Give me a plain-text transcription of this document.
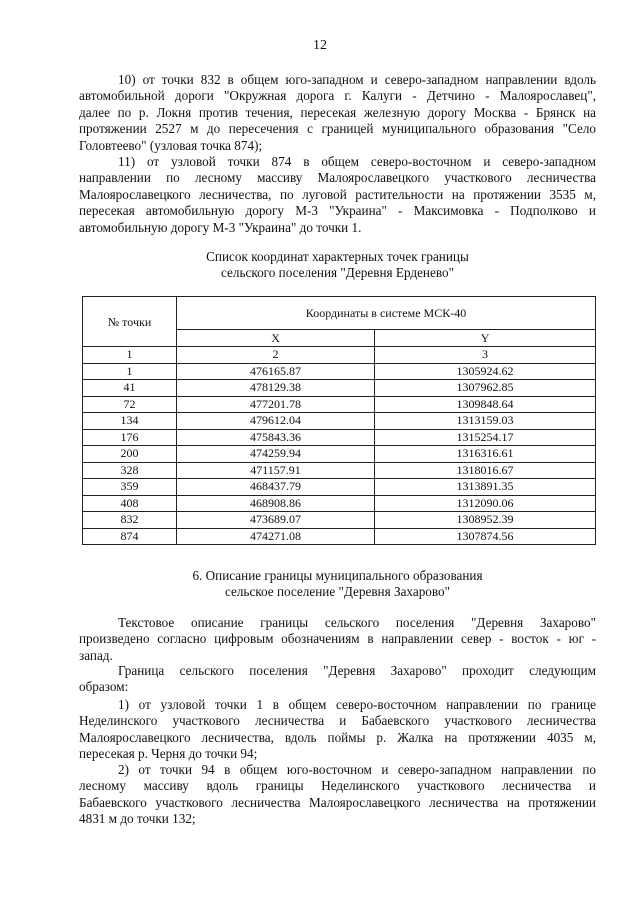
12
10) от точки 832 в общем юго-западном и северо-западном направлении вдоль
автомобильной дороги "Окружная дорога г. Калуги - Детчино - Малоярославец",
далее по р. Локня против течения, пересекая железную дорогу Москва - Брянск на
протяжении 2527 м до пересечения с границей муниципального образования "Село
Головтеево" (узловая точка 874);
11) от узловой точки 874 в общем северо-восточном и северо-западном
направлении по лесному массиву Малоярославецкого участкового лесничества
Малоярославецкого лесничества, по луговой растительности на протяжении 3535 м,
пересекая автомобильную дорогу М-3 "Украина" - Максимовка - Подполково и
автомобильную дорогу М-3 "Украина" до точки 1.
Список координат характерных точек границы
сельского поселения "Деревня Ерденево"
№ точки	Координаты в системе МСК-40	
	X	Y
1	2	3
1	476165.87	1305924.62
41	478129.38	1307962.85
72	477201.78	1309848.64
134	479612.04	1313159.03
176	475843.36	1315254.17
200	474259.94	1316316.61
328	471157.91	1318016.67
359	468437.79	1313891.35
408	468908.86	1312090.06
832	473689.07	1308952.39
874	474271.08	1307874.56
6. Описание границы муниципального образования
сельское поселение "Деревня Захарово"
Текстовое описание границы сельского поселения "Деревня Захарово"
произведено согласно цифровым обозначениям в направлении север - восток - юг -
запад.
Граница сельского поселения "Деревня Захарово" проходит следующим
образом:
1) от узловой точки 1 в общем северо-восточном направлении по границе
Неделинского участкового лесничества и Бабаевского участкового лесничества
Малоярославецкого лесничества, вдоль поймы р. Жалка на протяжении 4035 м,
пересекая р. Черня до точки 94;
2) от точки 94 в общем юго-восточном и северо-западном направлении по
лесному массиву вдоль границы Неделинского участкового лесничества и
Бабаевского участкового лесничества Малоярославецкого лесничества на протяжении
4831 м до точки 132;
